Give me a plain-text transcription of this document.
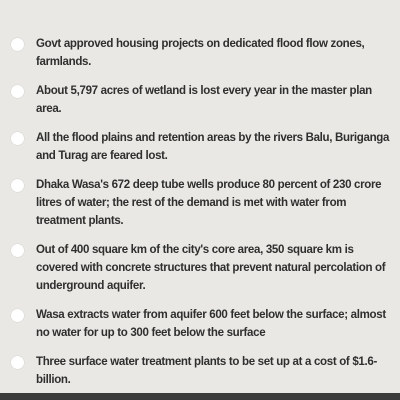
Govt approved housing projects on dedicated flood flow zones, farmlands.
About 5,797 acres of wetland is lost every year in the master plan area.
All the flood plains and retention areas by the rivers Balu, Buriganga and Turag are feared lost.
Dhaka Wasa's 672 deep tube wells produce 80 percent of 230 crore litres of water; the rest of the demand is met with water from treatment plants.
Out of 400 square km of the city's core area, 350 square km is covered with concrete structures that prevent natural percolation of underground aquifer.
Wasa extracts water from aquifer 600 feet below the surface; almost no water for up to 300 feet below the surface
Three surface water treatment plants to be set up at a cost of $1.6-billion.
